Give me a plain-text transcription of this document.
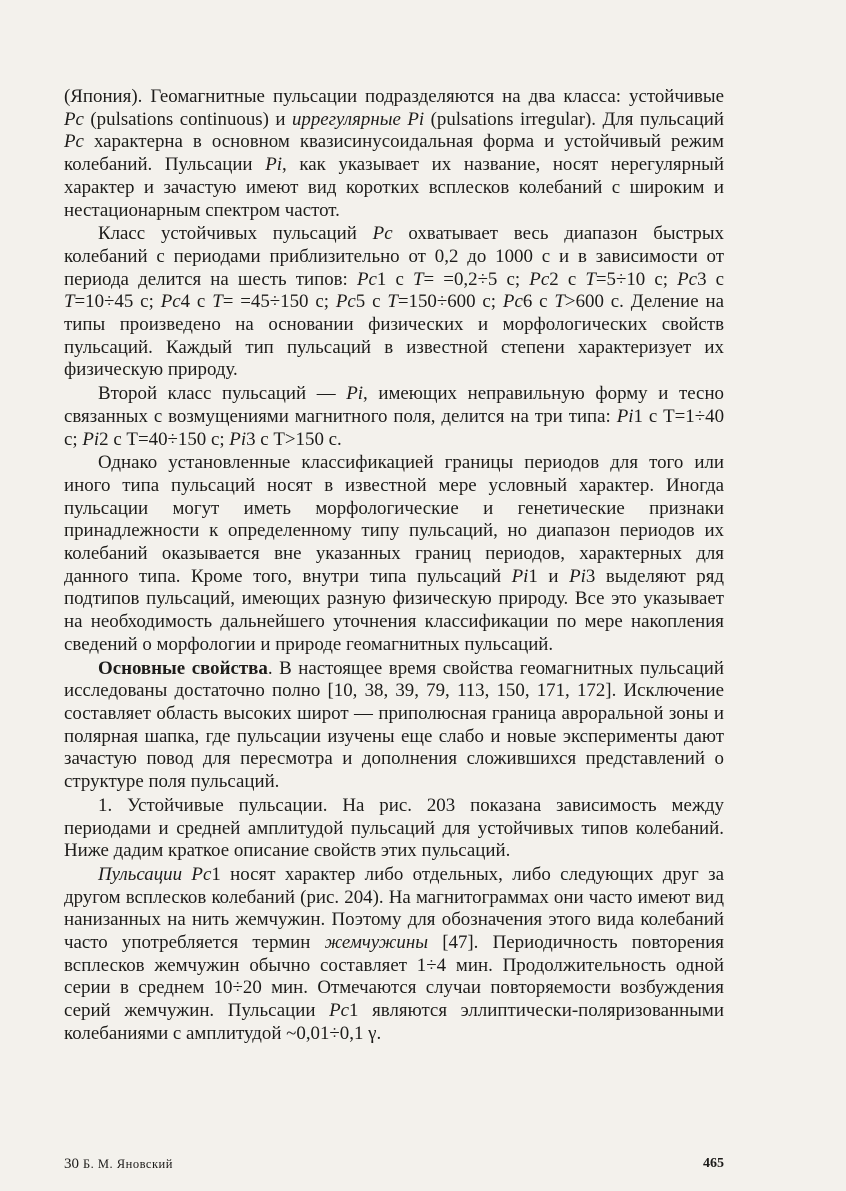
(Япония). Геомагнитные пульсации подразделяются на два класса: устойчивые Pc (pulsations continuous) и иррегулярные Pi (pulsations irregular). Для пульсаций Pc характерна в основном квазисинусоидальная форма и устойчивый режим колебаний. Пульсации Pi, как указывает их название, носят нерегулярный характер и зачастую имеют вид коротких всплесков колебаний с широким и нестационарным спектром частот.

Класс устойчивых пульсаций Pc охватывает весь диапазон быстрых колебаний с периодами приблизительно от 0,2 до 1000 с и в зависимости от периода делится на шесть типов: Pc1 с T= =0,2÷5 с; Pc2 с T=5÷10 с; Pc3 с T=10÷45 с; Pc4 с T= =45÷150 с; Pc5 с T=150÷600 с; Pc6 с T>600 с. Деление на типы произведено на основании физических и морфологических свойств пульсаций. Каждый тип пульсаций в известной степени характеризует их физическую природу.

Второй класс пульсаций — Pi, имеющих неправильную форму и тесно связанных с возмущениями магнитного поля, делится на три типа: Pi1 с T=1÷40 с; Pi2 с T=40÷150 с; Pi3 с T>150 с.

Однако установленные классификацией границы периодов для того или иного типа пульсаций носят в известной мере условный характер. Иногда пульсации могут иметь морфологические и генетические признаки принадлежности к определенному типу пульсаций, но диапазон периодов их колебаний оказывается вне указанных границ периодов, характерных для данного типа. Кроме того, внутри типа пульсаций Pi1 и Pi3 выделяют ряд подтипов пульсаций, имеющих разную физическую природу. Все это указывает на необходимость дальнейшего уточнения классификации по мере накопления сведений о морфологии и природе геомагнитных пульсаций.

Основные свойства. В настоящее время свойства геомагнитных пульсаций исследованы достаточно полно [10, 38, 39, 79, 113, 150, 171, 172]. Исключение составляет область высоких широт — приполюсная граница авроральной зоны и полярная шапка, где пульсации изучены еще слабо и новые эксперименты дают зачастую повод для пересмотра и дополнения сложившихся представлений о структуре поля пульсаций.

1. Устойчивые пульсации. На рис. 203 показана зависимость между периодами и средней амплитудой пульсаций для устойчивых типов колебаний. Ниже дадим краткое описание свойств этих пульсаций.

Пульсации Pc1 носят характер либо отдельных, либо следующих друг за другом всплесков колебаний (рис. 204). На магнитограммах они часто имеют вид нанизанных на нить жемчужин. Поэтому для обозначения этого вида колебаний часто употребляется термин жемчужины [47]. Периодичность повторения всплесков жемчужин обычно составляет 1÷4 мин. Продолжительность одной серии в среднем 10÷20 мин. Отмечаются случаи повторяемости возбуждения серий жемчужин. Пульсации Pc1 являются эллиптически-поляризованными колебаниями с амплитудой ~0,01÷0,1 γ.

30 Б. М. Яновский	465
